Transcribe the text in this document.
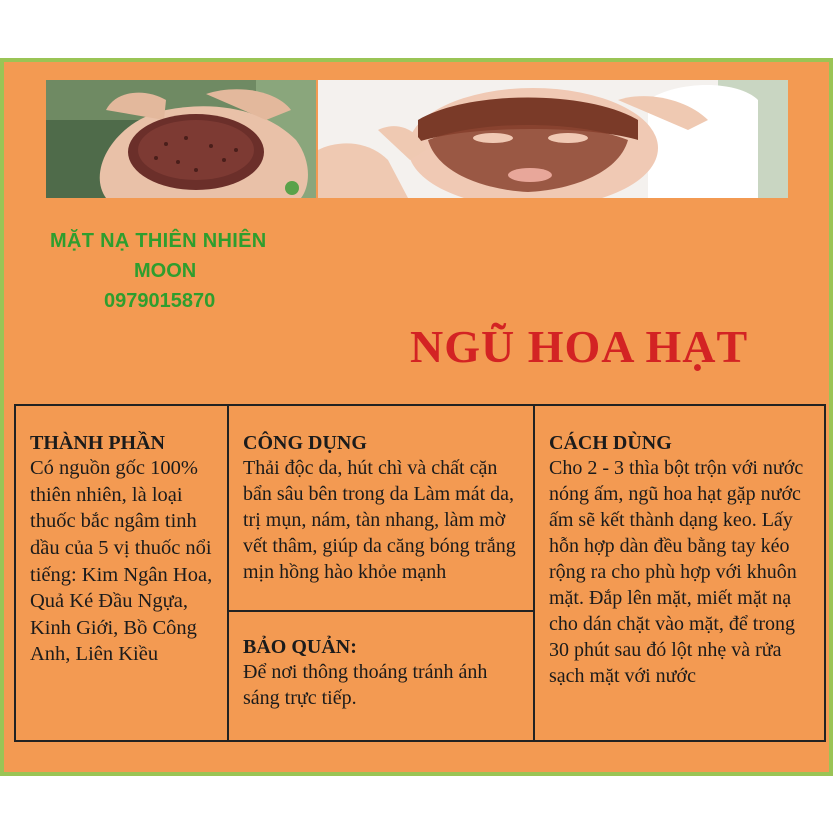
MẶT NẠ THIÊN NHIÊN
MOON
0979015870
NGŨ HOA HẠT
THÀNH PHẦN
Có nguồn gốc 100% thiên nhiên, là loại thuốc bắc ngâm tinh dầu của 5 vị thuốc nổi tiếng: Kim Ngân Hoa, Quả Ké Đầu Ngựa, Kinh Giới, Bồ Công Anh, Liên Kiều
CÔNG DỤNG
Thải độc da, hút chì và chất cặn bẩn sâu bên trong da Làm mát da, trị mụn, nám, tàn nhang, làm mờ vết thâm, giúp da căng bóng trắng mịn hồng hào khỏe mạnh
BẢO QUẢN:
Để nơi thông thoáng tránh ánh sáng trực tiếp.
CÁCH DÙNG
Cho 2 - 3 thìa bột trộn với nước nóng ấm, ngũ hoa hạt gặp nước ấm sẽ kết thành dạng keo. Lấy hỗn hợp dàn đều bằng tay kéo rộng ra cho phù hợp với khuôn mặt. Đắp lên mặt, miết mặt nạ cho dán chặt vào mặt, để trong 30 phút sau đó lột nhẹ và rửa sạch mặt với nước
